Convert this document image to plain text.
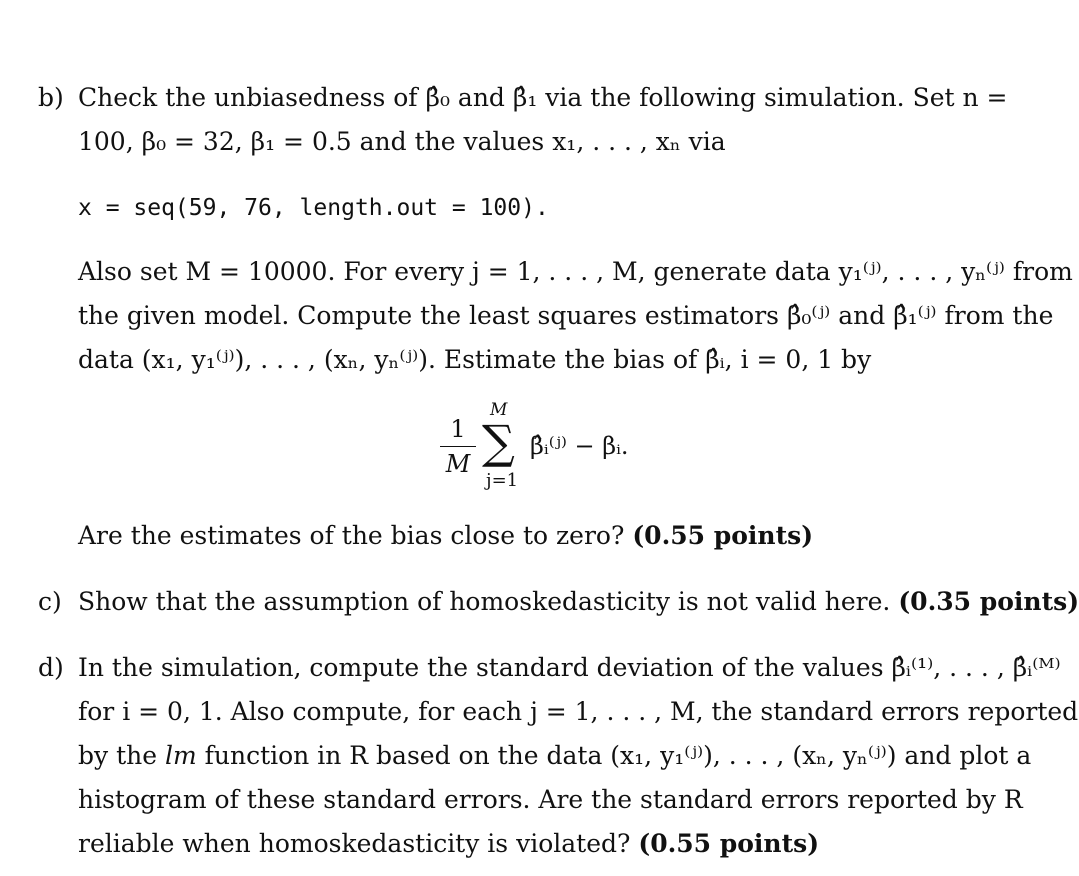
b) Check the unbiasedness of β̂₀ and β̂₁ via the following simulation. Set n =
100, β₀ = 32, β₁ = 0.5 and the values x₁, . . . , xₙ via
x = seq(59, 76, length.out = 100).
Also set M = 10000. For every j = 1, . . . , M, generate data y₁⁽ʲ⁾, . . . , yₙ⁽ʲ⁾ from
the given model. Compute the least squares estimators β̂₀⁽ʲ⁾ and β̂₁⁽ʲ⁾ from the
data (x₁, y₁⁽ʲ⁾), . . . , (xₙ, yₙ⁽ʲ⁾). Estimate the bias of β̂ᵢ, i = 0, 1 by
1
M
M
∑
j=1
β̂ᵢ⁽ʲ⁾ − βᵢ.
Are the estimates of the bias close to zero? (0.55 points)
c) Show that the assumption of homoskedasticity is not valid here. (0.35 points)
d) In the simulation, compute the standard deviation of the values β̂ᵢ⁽¹⁾, . . . , β̂ᵢ⁽ᴹ⁾
for i = 0, 1. Also compute, for each j = 1, . . . , M, the standard errors reported
by the lm function in R based on the data (x₁, y₁⁽ʲ⁾), . . . , (xₙ, yₙ⁽ʲ⁾) and plot a
histogram of these standard errors. Are the standard errors reported by R
reliable when homoskedasticity is violated? (0.55 points)
